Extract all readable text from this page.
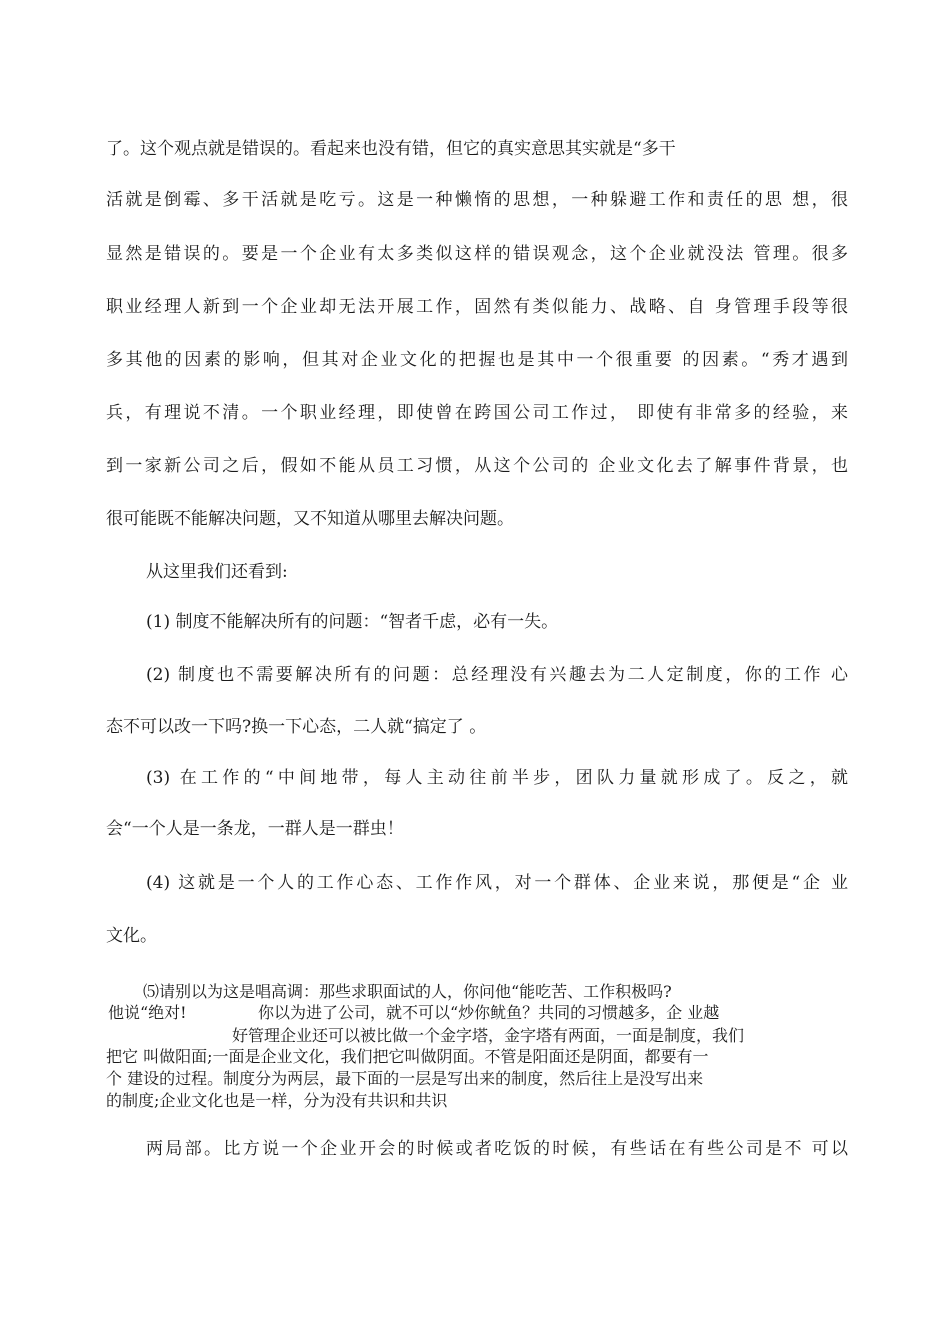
了。这个观点就是错误的。看起来也没有错，但它的真实意思其实就是“多干
活就是倒霉、多干活就是吃亏。这是一种懒惰的思想，一种躲避工作和责任的思 想，很
显然是错误的。要是一个企业有太多类似这样的错误观念，这个企业就没法 管理。很多
职业经理人新到一个企业却无法开展工作，固然有类似能力、战略、自 身管理手段等很
多其他的因素的影响，但其对企业文化的把握也是其中一个很重要 的因素。“秀才遇到
兵，有理说不清。一个职业经理，即使曾在跨国公司工作过， 即使有非常多的经验，来
到一家新公司之后，假如不能从员工习惯，从这个公司的 企业文化去了解事件背景，也
很可能既不能解决问题，又不知道从哪里去解决问题。
从这里我们还看到:
(1) 制度不能解决所有的问题：“智者千虑，必有一失。
(2) 制度也不需要解决所有的问题：总经理没有兴趣去为二人定制度，你的工作 心
态不可以改一下吗?换一下心态，二人就“搞定了 。
(3) 在工作的“中间地带，每人主动往前半步，团队力量就形成了。反之，就
会“一个人是一条龙，一群人是一群虫！
(4) 这就是一个人的工作心态、工作作风，对一个群体、企业来说，那便是“企 业
文化。
⑸请别以为这是唱高调：那些求职面试的人，你问他“能吃苦、工作积极吗?
他说“绝对!	你以为进了公司，就不可以“炒你鱿鱼？共同的习惯越多，企 业越
好管理企业还可以被比做一个金字塔，金字塔有两面，一面是制度，我们
把它 叫做阳面;一面是企业文化，我们把它叫做阴面。不管是阳面还是阴面，都要有一
个 建设的过程。制度分为两层，最下面的一层是写出来的制度，然后往上是没写出来
的制度;企业文化也是一样，分为没有共识和共识
两局部。比方说一个企业开会的时候或者吃饭的时候，有些话在有些公司是不 可以
